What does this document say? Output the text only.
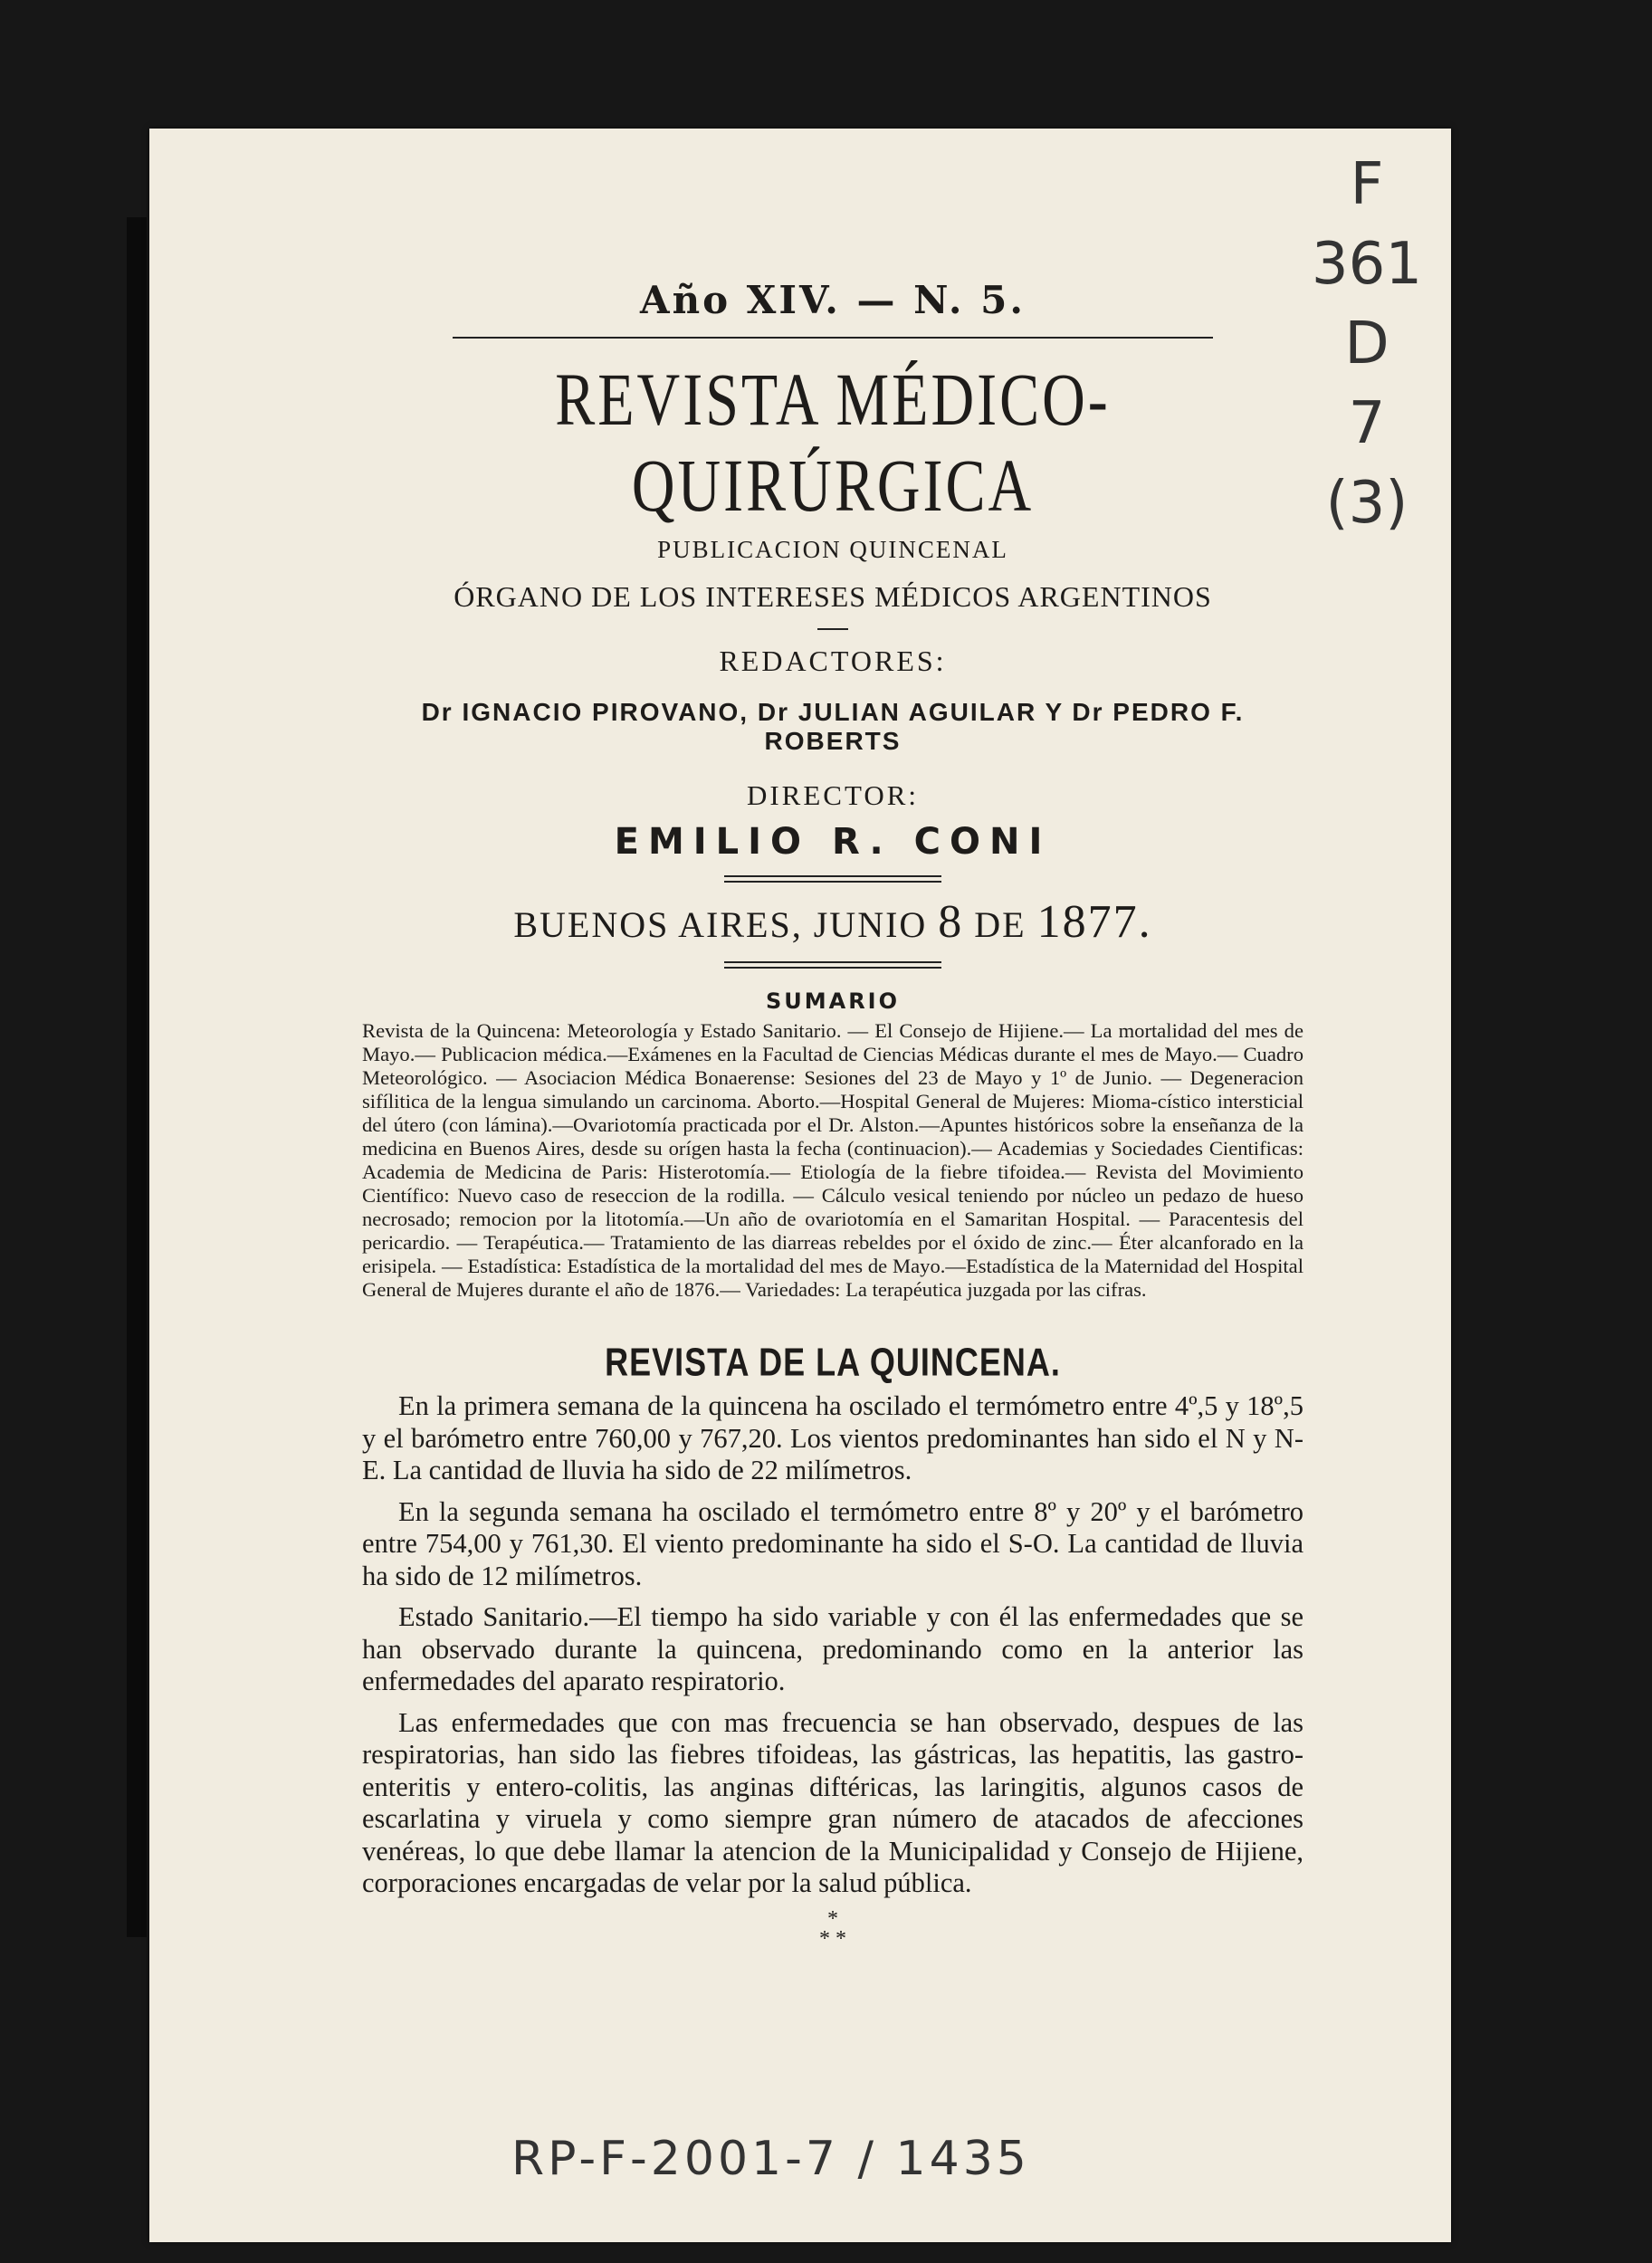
F
361
D
7
(3)
Año XIV. — N. 5.
REVISTA MÉDICO-QUIRÚRGICA
PUBLICACION QUINCENAL
ÓRGANO DE LOS INTERESES MÉDICOS ARGENTINOS
REDACTORES:
Dr IGNACIO PIROVANO, Dr JULIAN AGUILAR Y Dr PEDRO F. ROBERTS
DIRECTOR:
EMILIO R. CONI
BUENOS AIRES, JUNIO 8 DE 1877.
SUMARIO
Revista de la Quincena: Meteorología y Estado Sanitario. — El Consejo de Hijiene.— La mortalidad del mes de Mayo.— Publicacion médica.—Exámenes en la Facultad de Ciencias Médicas durante el mes de Mayo.— Cuadro Meteorológico. — Asociacion Médica Bonaerense: Sesiones del 23 de Mayo y 1º de Junio. — Degeneracion sifílitica de la lengua simulando un carcinoma. Aborto.—Hospital General de Mujeres: Mioma-cístico intersticial del útero (con lámina).—Ovariotomía practicada por el Dr. Alston.—Apuntes históricos sobre la enseñanza de la medicina en Buenos Aires, desde su orígen hasta la fecha (continuacion).— Academias y Sociedades Cientificas: Academia de Medicina de Paris: Histerotomía.— Etiología de la fiebre tifoidea.— Revista del Movimiento Científico: Nuevo caso de reseccion de la rodilla. — Cálculo vesical teniendo por núcleo un pedazo de hueso necrosado; remocion por la litotomía.—Un año de ovariotomía en el Samaritan Hospital. — Paracentesis del pericardio. — Terapéutica.— Tratamiento de las diarreas rebeldes por el óxido de zinc.— Éter alcanforado en la erisipela. — Estadística: Estadística de la mortalidad del mes de Mayo.—Estadística de la Maternidad del Hospital General de Mujeres durante el año de 1876.— Variedades: La terapéutica juzgada por las cifras.
REVISTA DE LA QUINCENA.
En la primera semana de la quincena ha oscilado el termómetro entre 4º,5 y 18º,5 y el barómetro entre 760,00 y 767,20. Los vientos predominantes han sido el N y N-E. La cantidad de lluvia ha sido de 22 milímetros.
En la segunda semana ha oscilado el termómetro entre 8º y 20º y el barómetro entre 754,00 y 761,30. El viento predominante ha sido el S-O. La cantidad de lluvia ha sido de 12 milímetros.
Estado Sanitario.—El tiempo ha sido variable y con él las enfermedades que se han observado durante la quincena, predominando como en la anterior las enfermedades del aparato respiratorio.
Las enfermedades que con mas frecuencia se han observado, despues de las respiratorias, han sido las fiebres tifoideas, las gástricas, las hepatitis, las gastro-enteritis y entero-colitis, las anginas diftéricas, las laringitis, algunos casos de escarlatina y viruela y como siempre gran número de atacados de afecciones venéreas, lo que debe llamar la atencion de la Municipalidad y Consejo de Hijiene, corporaciones encargadas de velar por la salud pública.
*
* *
RP-F-2001-7 / 1435
